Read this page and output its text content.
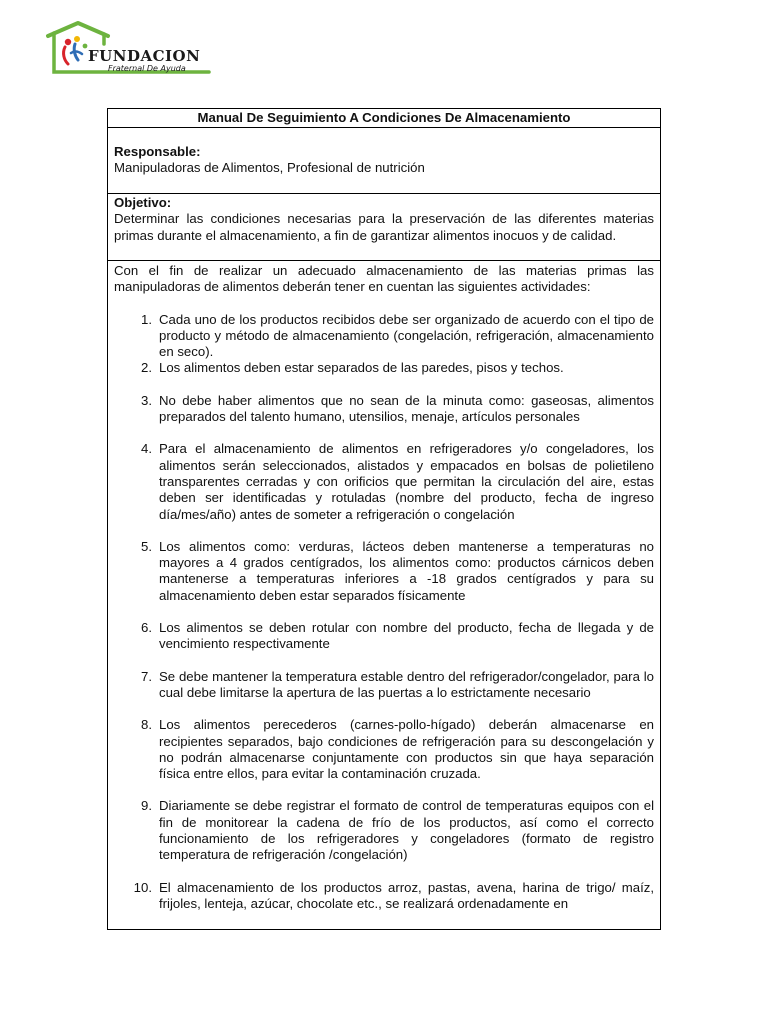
FUNDACION
Fraternal De Ayuda
Manual De Seguimiento A Condiciones De Almacenamiento
Responsable:
Manipuladoras de Alimentos, Profesional de nutrición
Objetivo:
Determinar las condiciones necesarias para la preservación de las diferentes materias primas durante el almacenamiento, a fin de garantizar alimentos inocuos y de calidad.

Con el fin de realizar un adecuado almacenamiento de las materias primas las manipuladoras de alimentos deberán tener en cuentan las siguientes actividades:

1. Cada uno de los productos recibidos debe ser organizado de acuerdo con el tipo de producto y método de almacenamiento (congelación, refrigeración, almacenamiento en seco).
2. Los alimentos deben estar separados de las paredes, pisos y techos.
3. No debe haber alimentos que no sean de la minuta como: gaseosas, alimentos preparados del talento humano, utensilios, menaje, artículos personales
4. Para el almacenamiento de alimentos en refrigeradores y/o congeladores, los alimentos serán seleccionados, alistados y empacados en bolsas de polietileno transparentes cerradas y con orificios que permitan la circulación del aire, estas deben ser identificadas y rotuladas (nombre del producto, fecha de ingreso día/mes/año) antes de someter a refrigeración o congelación
5. Los alimentos como: verduras, lácteos deben mantenerse a temperaturas no mayores a 4 grados centígrados, los alimentos como: productos cárnicos deben mantenerse a temperaturas inferiores a -18 grados centígrados y para su almacenamiento deben estar separados físicamente
6. Los alimentos se deben rotular con nombre del producto, fecha de llegada y de vencimiento respectivamente
7. Se debe mantener la temperatura estable dentro del refrigerador/congelador, para lo cual debe limitarse la apertura de las puertas a lo estrictamente necesario
8. Los alimentos perecederos (carnes-pollo-hígado) deberán almacenarse en recipientes separados, bajo condiciones de refrigeración para su descongelación y no podrán almacenarse conjuntamente con productos sin que haya separación física entre ellos, para evitar la contaminación cruzada.
9. Diariamente se debe registrar el formato de control de temperaturas equipos con el fin de monitorear la cadena de frío de los productos, así como el correcto funcionamiento de los refrigeradores y congeladores (formato de registro temperatura de refrigeración /congelación)
10. El almacenamiento de los productos arroz, pastas, avena, harina de trigo/ maíz, frijoles, lenteja, azúcar, chocolate etc., se realizará ordenadamente en
